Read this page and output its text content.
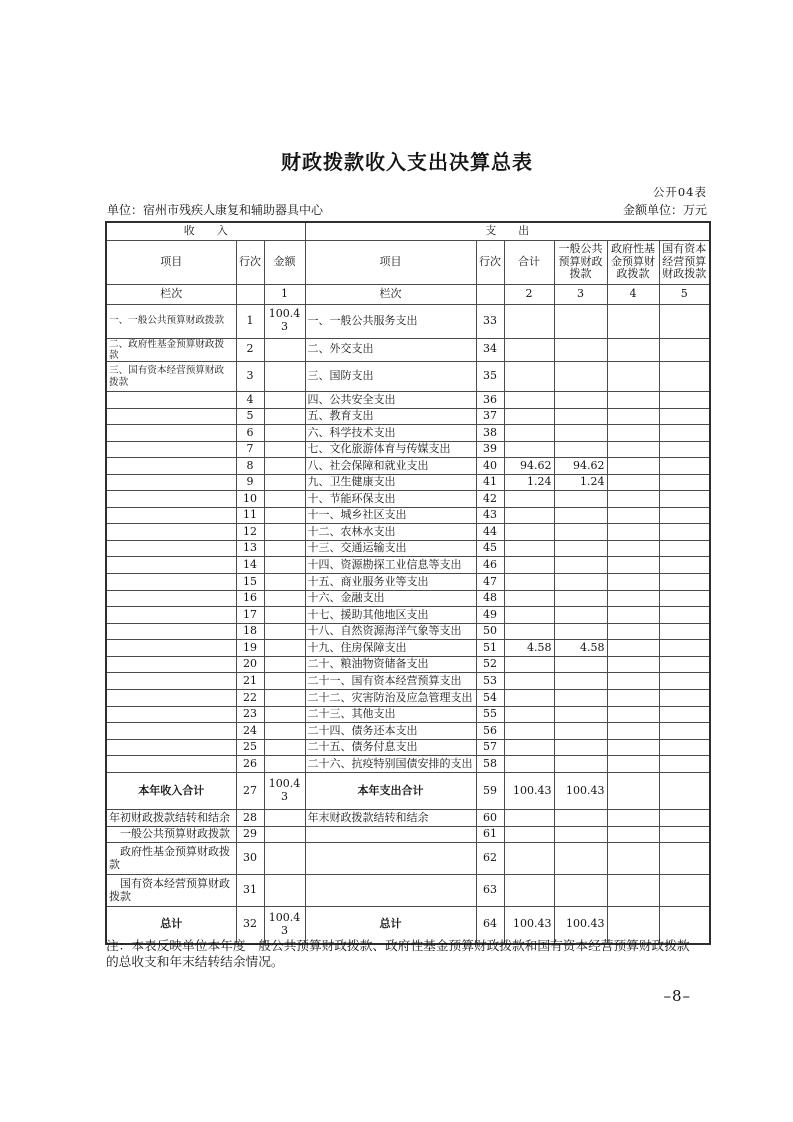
财政拨款收入支出决算总表
公开04表
单位：宿州市残疾人康复和辅助器具中心	金额单位：万元
收　　入			支　　出					
项目	行次	金额	项目	行次	合计	一般公共预算财政拨款	政府性基金预算财政拨款	国有资本经营预算财政拨款
栏次		1	栏次		2	3	4	5
一、一般公共预算财政拨款	1	100.43	一、一般公共服务支出	33				
二、政府性基金预算财政拨款	2		二、外交支出	34				
三、国有资本经营预算财政拨款	3		三、国防支出	35				
	4		四、公共安全支出	36				
	5		五、教育支出	37				
	6		六、科学技术支出	38				
	7		七、文化旅游体育与传媒支出	39				
	8		八、社会保障和就业支出	40	94.62	94.62		
	9		九、卫生健康支出	41	1.24	1.24		
	10		十、节能环保支出	42				
	11		十一、城乡社区支出	43				
	12		十二、农林水支出	44				
	13		十三、交通运输支出	45				
	14		十四、资源勘探工业信息等支出	46				
	15		十五、商业服务业等支出	47				
	16		十六、金融支出	48				
	17		十七、援助其他地区支出	49				
	18		十八、自然资源海洋气象等支出	50				
	19		十九、住房保障支出	51	4.58	4.58		
	20		二十、粮油物资储备支出	52				
	21		二十一、国有资本经营预算支出	53				
	22		二十二、灾害防治及应急管理支出	54				
	23		二十三、其他支出	55				
	24		二十四、债务还本支出	56				
	25		二十五、债务付息支出	57				
	26		二十六、抗疫特别国债安排的支出	58				
本年收入合计	27	100.43	本年支出合计	59	100.43	100.43		
年初财政拨款结转和结余	28		年末财政拨款结转和结余	60				
　一般公共预算财政拨款	29			61				
　政府性基金预算财政拨款	30			62				
　国有资本经营预算财政拨款	31			63				
总计	32	100.43	总计	64	100.43	100.43		
注：本表反映单位本年度一般公共预算财政拨款、政府性基金预算财政拨款和国有资本经营预算财政拨款的总收支和年末结转结余情况。
–8–
